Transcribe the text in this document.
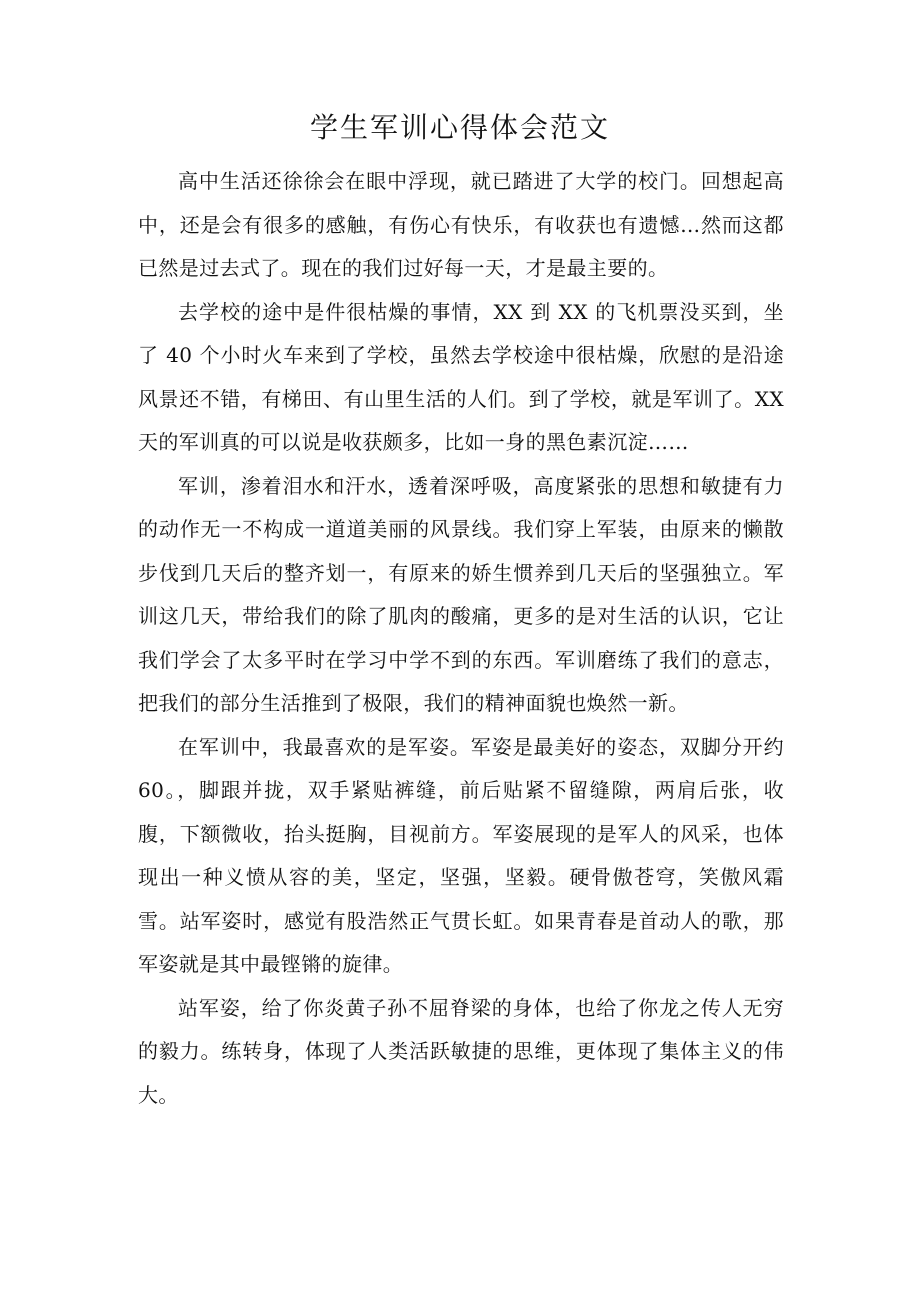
学生军训心得体会范文

高中生活还徐徐会在眼中浮现，就已踏进了大学的校门。回想起高中，还是会有很多的感触，有伤心有快乐，有收获也有遗憾…然而这都已然是过去式了。现在的我们过好每一天，才是最主要的。

去学校的途中是件很枯燥的事情，XX 到 XX 的飞机票没买到，坐了 40 个小时火车来到了学校，虽然去学校途中很枯燥，欣慰的是沿途风景还不错，有梯田、有山里生活的人们。到了学校，就是军训了。XX 天的军训真的可以说是收获颇多，比如一身的黑色素沉淀……

军训，渗着泪水和汗水，透着深呼吸，高度紧张的思想和敏捷有力的动作无一不构成一道道美丽的风景线。我们穿上军装，由原来的懒散步伐到几天后的整齐划一，有原来的娇生惯养到几天后的坚强独立。军训这几天，带给我们的除了肌肉的酸痛，更多的是对生活的认识，它让我们学会了太多平时在学习中学不到的东西。军训磨练了我们的意志，把我们的部分生活推到了极限，我们的精神面貌也焕然一新。

在军训中，我最喜欢的是军姿。军姿是最美好的姿态，双脚分开约 60。，脚跟并拢，双手紧贴裤缝，前后贴紧不留缝隙，两肩后张，收腹，下额微收，抬头挺胸，目视前方。军姿展现的是军人的风采，也体现出一种义愤从容的美，坚定，坚强，坚毅。硬骨傲苍穹，笑傲风霜雪。站军姿时，感觉有股浩然正气贯长虹。如果青春是首动人的歌，那军姿就是其中最铿锵的旋律。

站军姿，给了你炎黄子孙不屈脊梁的身体，也给了你龙之传人无穷的毅力。练转身，体现了人类活跃敏捷的思维，更体现了集体主义的伟大。
